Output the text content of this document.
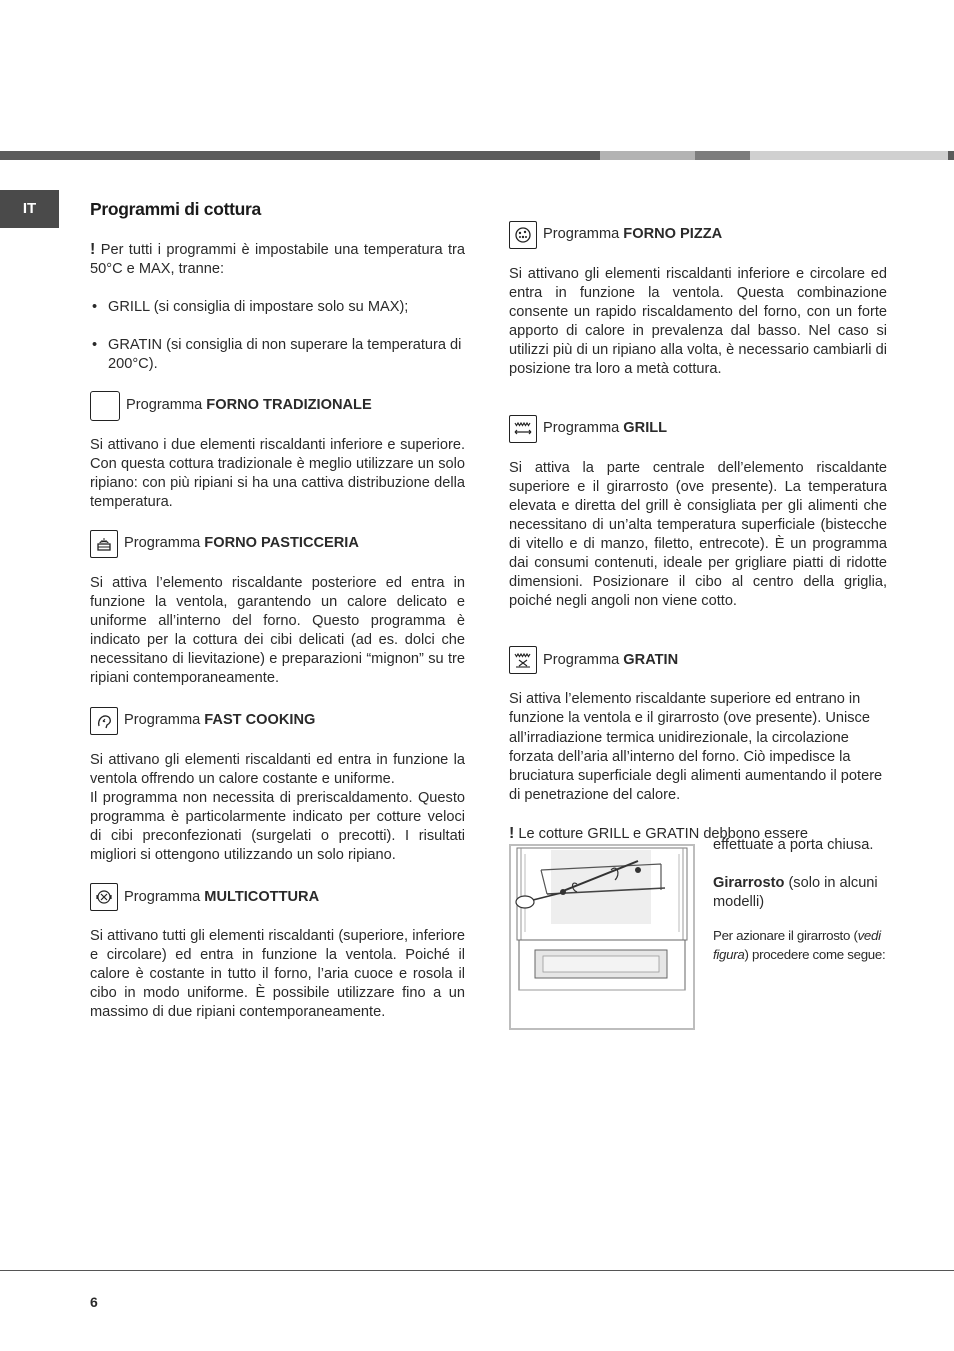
IT	Programmi di cottura

! Per tutti i programmi è impostabile una temperatura tra 50°C e MAX, tranne:

• GRILL (si consiglia di impostare solo su MAX);
• GRATIN (si consiglia di non superare la temperatura di 200°C).
Programma FORNO TRADIZIONALE

Si attivano i due elementi riscaldanti inferiore e superiore. Con questa cottura tradizionale è meglio utilizzare un solo ripiano: con più ripiani si ha una cattiva distribuzione della temperatura.

Programma FORNO PASTICCERIA

Si attiva l’elemento riscaldante posteriore ed entra in funzione la ventola, garantendo un calore delicato e uniforme all’interno del forno. Questo programma è indicato per la cottura dei cibi delicati (ad es. dolci che necessitano di lievitazione) e preparazioni “mignon” su tre ripiani contemporaneamente.

Programma FAST COOKING

Si attivano gli elementi riscaldanti ed entra in funzione la ventola offrendo un calore costante e uniforme.

Il programma non necessita di preriscaldamento. Questo programma è particolarmente indicato per cotture veloci di cibi preconfezionati (surgelati o precotti). I risultati migliori si ottengono utilizzando un solo ripiano.

Programma MULTICOTTURA

Si attivano tutti gli elementi riscaldanti (superiore, inferiore e circolare) ed entra in funzione la ventola. Poiché il calore è costante in tutto il forno, l’aria cuoce e rosola il cibo in modo uniforme. È possibile utilizzare fino a un massimo di due ripiani contemporaneamente.

Programma FORNO PIZZA

Si attivano gli elementi riscaldanti inferiore e circolare ed entra in funzione la ventola. Questa combinazione consente un rapido riscaldamento del forno, con un forte apporto di calore in prevalenza dal basso. Nel caso si utilizzi più di un ripiano alla volta, è necessario cambiarli di posizione tra loro a metà cottura.

Programma GRILL

Si attiva la parte centrale dell’elemento riscaldante superiore e il girarrosto (ove presente). La temperatura elevata e diretta del grill è consigliata per gli alimenti che necessitano di un’alta temperatura superficiale (bistecche di vitello e di manzo, filetto, entrecote). È un programma dai consumi contenuti, ideale per grigliare piatti di ridotte dimensioni. Posizionare il cibo al centro della griglia, poiché negli angoli non viene cotto.

Programma GRATIN

Si attiva l’elemento riscaldante superiore ed entrano in funzione la ventola e il girarrosto (ove presente). Unisce all’irradiazione termica unidirezionale, la circolazione forzata dell’aria all’interno del forno. Ciò impedisce la bruciatura superficiale degli alimenti aumentando il potere di penetrazione del calore.

! Le cotture GRILL e GRATIN debbono essere

effettuate a porta chiusa.

Girarrosto (solo in alcuni modelli)

Per azionare il girarrosto (vedi figura) procedere come segue:

6
